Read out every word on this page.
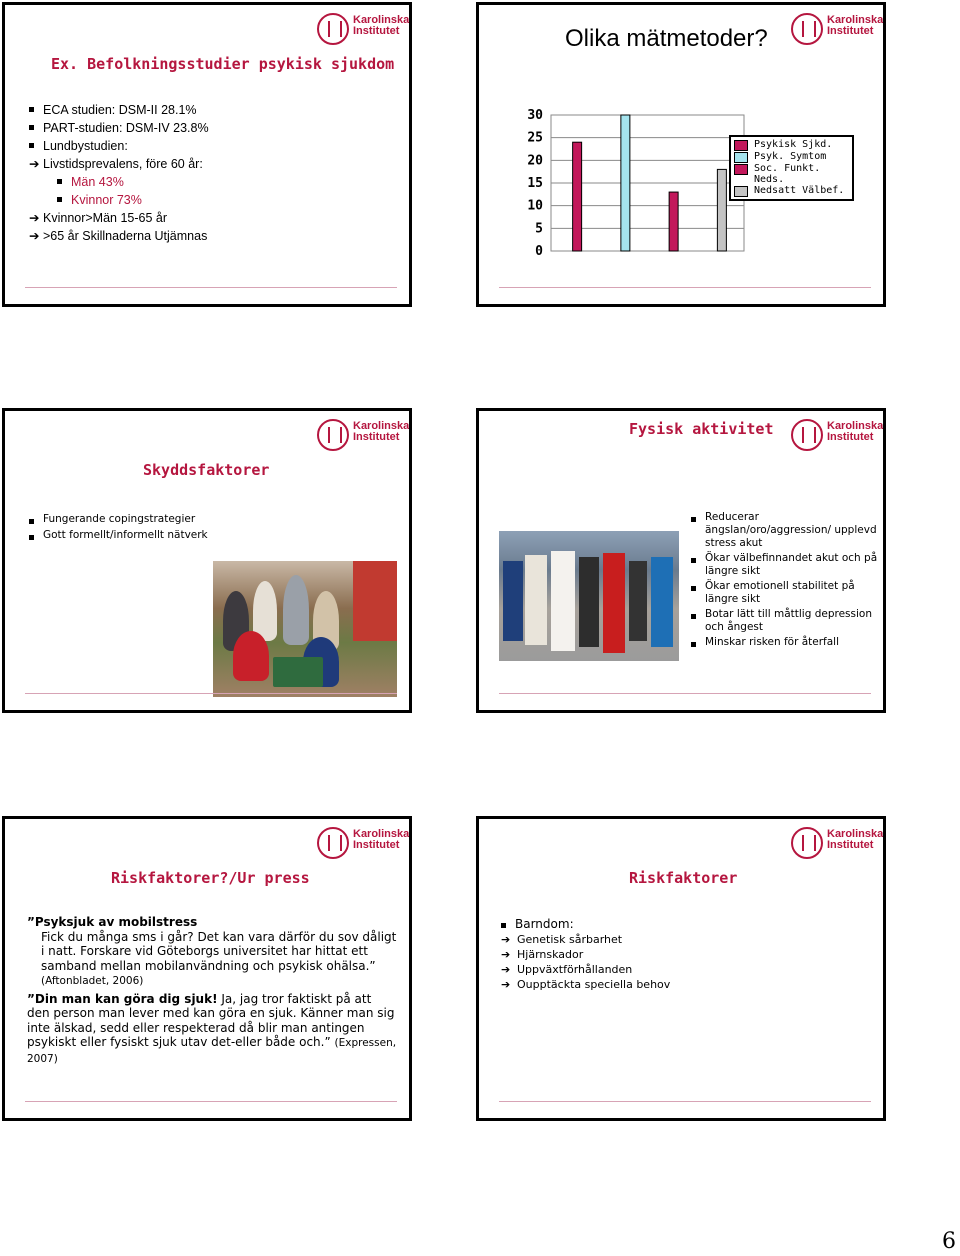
Karolinska
Institutet
Ex. Befolkningsstudier psykisk sjukdom
ECA studien: DSM-II 28.1%
PART-studien: DSM-IV 23.8%
Lundbystudien:
➔ Livstidsprevalens, före 60 år:
Män 43%
Kvinnor 73%
➔ Kvinnor>Män 15-65 år
➔ >65 år Skillnaderna Utjämnas
Karolinska
Institutet
Olika mätmetoder?
0
5
10
15
20
25
30
Psykisk Sjkd.
Psyk. Symtom
Soc. Funkt. Neds.
Nedsatt Välbef.
Karolinska
Institutet
Skyddsfaktorer
Fungerande copingstrategier
Gott formellt/informellt nätverk
Karolinska
Institutet
Fysisk aktivitet
Reducerar ängslan/oro/aggression/ upplevd stress akut
Ökar välbefinnandet akut och på längre sikt
Ökar emotionell stabilitet på längre sikt
Botar lätt till måttlig depression och ångest
Minskar risken för återfall
Karolinska
Institutet
Riskfaktorer?/Ur press
”Psyksjuk av mobilstress
Fick du många sms i går? Det kan vara därför du sov dåligt i natt. Forskare vid Göteborgs universitet har hittat ett samband mellan mobilanvändning och psykisk ohälsa.” (Aftonbladet, 2006)
”Din man kan göra dig sjuk! Ja, jag tror faktiskt på att den person man lever med kan göra en sjuk. Känner man sig inte älskad, sedd eller respekterad då blir man antingen psykiskt eller fysiskt sjuk utav det-eller både och.” (Expressen, 2007)
Karolinska
Institutet
Riskfaktorer
Barndom:
➔ Genetisk sårbarhet
➔ Hjärnskador
➔ Uppväxtförhållanden
➔ Oupptäckta speciella behov
6
